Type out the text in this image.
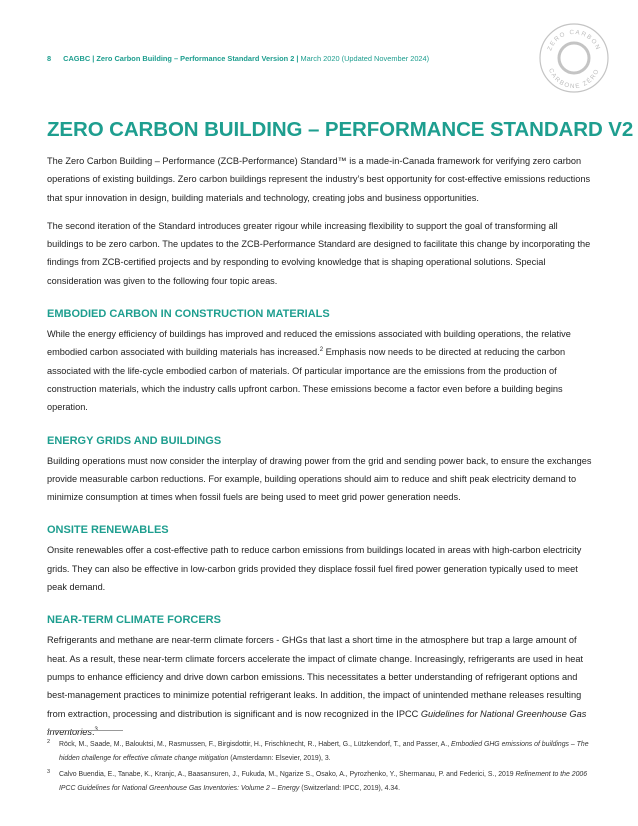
8 CAGBC | Zero Carbon Building – Performance Standard Version 2 | March 2020 (Updated November 2024)
ZERO CARBON
CARBONE ZÉRO
ZERO CARBON BUILDING – PERFORMANCE STANDARD V2

The Zero Carbon Building – Performance (ZCB-Performance) Standard™ is a made-in-Canada framework for verifying zero carbon operations of existing buildings. Zero carbon buildings represent the industry’s best opportunity for cost-effective emissions reductions that spur innovation in design, building materials and technology, creating jobs and business opportunities.

The second iteration of the Standard introduces greater rigour while increasing flexibility to support the goal of transforming all buildings to be zero carbon. The updates to the ZCB-Performance Standard are designed to facilitate this change by incorporating the findings from ZCB-certified projects and by responding to evolving knowledge that is shaping operational solutions. Special consideration was given to the following four topic areas.

EMBODIED CARBON IN CONSTRUCTION MATERIALS

While the energy efficiency of buildings has improved and reduced the emissions associated with building operations, the relative embodied carbon associated with building materials has increased.$^2$ Emphasis now needs to be directed at reducing the carbon associated with the life-cycle embodied carbon of materials. Of particular importance are the emissions from the production of construction materials, which the industry calls upfront carbon. These emissions become a factor even before a building begins operation.

ENERGY GRIDS AND BUILDINGS

Building operations must now consider the interplay of drawing power from the grid and sending power back, to ensure the exchanges provide measurable carbon reductions. For example, building operations should aim to reduce and shift peak electricity demand to minimize consumption at times when fossil fuels are being used to meet grid power generation needs.

ONSITE RENEWABLES

Onsite renewables offer a cost-effective path to reduce carbon emissions from buildings located in areas with high-carbon electricity grids. They can also be effective in low-carbon grids provided they displace fossil fuel fired power generation typically used to meet peak demand.

NEAR-TERM CLIMATE FORCERS

Refrigerants and methane are near-term climate forcers - GHGs that last a short time in the atmosphere but trap a large amount of heat. As a result, these near-term climate forcers accelerate the impact of climate change. Increasingly, refrigerants are used in heat pumps to enhance efficiency and drive down carbon emissions. This necessitates a better understanding of refrigerant options and best-management practices to minimize potential refrigerant leaks. In addition, the impact of unintended methane releases resulting from extraction, processing and distribution is significant and is now recognized in the IPCC Guidelines for National Greenhouse Gas Inventories.$^3$

2 Röck, M., Saade, M., Balouktsi, M., Rasmussen, F., Birgisdottir, H., Frischknecht, R., Habert, G., Lützkendorf, T., and Passer, A., Embodied GHG emissions of buildings – The hidden challenge for effective climate change mitigation (Amsterdamn: Elsevier, 2019), 3.
3 Calvo Buendia, E., Tanabe, K., Kranjc, A., Baasansuren, J., Fukuda, M., Ngarize S., Osako, A., Pyrozhenko, Y., Shermanau, P. and Federici, S., 2019 Refinement to the 2006 IPCC Guidelines for National Greenhouse Gas Inventories: Volume 2 – Energy (Switzerland: IPCC, 2019), 4.34.
